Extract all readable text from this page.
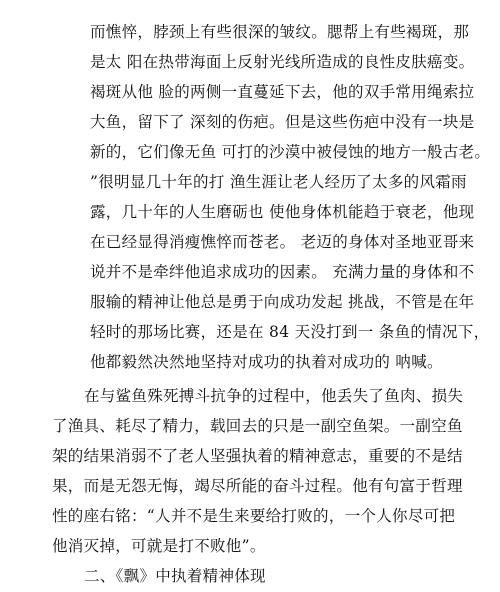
而憔悴，脖颈上有些很深的皱纹。腮帮上有些褐斑，那
是太 阳在热带海面上反射光线所造成的良性皮肤癌变。
褐斑从他 脸的两侧一直蔓延下去，他的双手常用绳索拉
大鱼，留下了 深刻的伤疤。但是这些伤疤中没有一块是
新的，它们像无鱼 可打的沙漠中被侵蚀的地方一般古老。
”很明显几十年的打 渔生涯让老人经历了太多的风霜雨
露，几十年的人生磨砺也 使他身体机能趋于衰老，他现
在已经显得消瘦憔悴而苍老。 老迈的身体对圣地亚哥来
说并不是牵绊他追求成功的因素。 充满力量的身体和不
服输的精神让他总是勇于向成功发起 挑战，不管是在年
轻时的那场比赛，还是在 84 天没打到一 条鱼的情况下，
他都毅然决然地坚持对成功的执着对成功的 呐喊。
在与鲨鱼殊死搏斗抗争的过程中，他丢失了鱼肉、损失
了渔具、耗尽了精力，载回去的只是一副空鱼架。一副空鱼
架的结果消弱不了老人坚强执着的精神意志，重要的不是结
果，而是无怨无悔，竭尽所能的奋斗过程。他有句富于哲理
性的座右铭：“人并不是生来要给打败的，一个人你尽可把
他消灭掉，可就是打不败他”。
二、《飘》中执着精神体现
